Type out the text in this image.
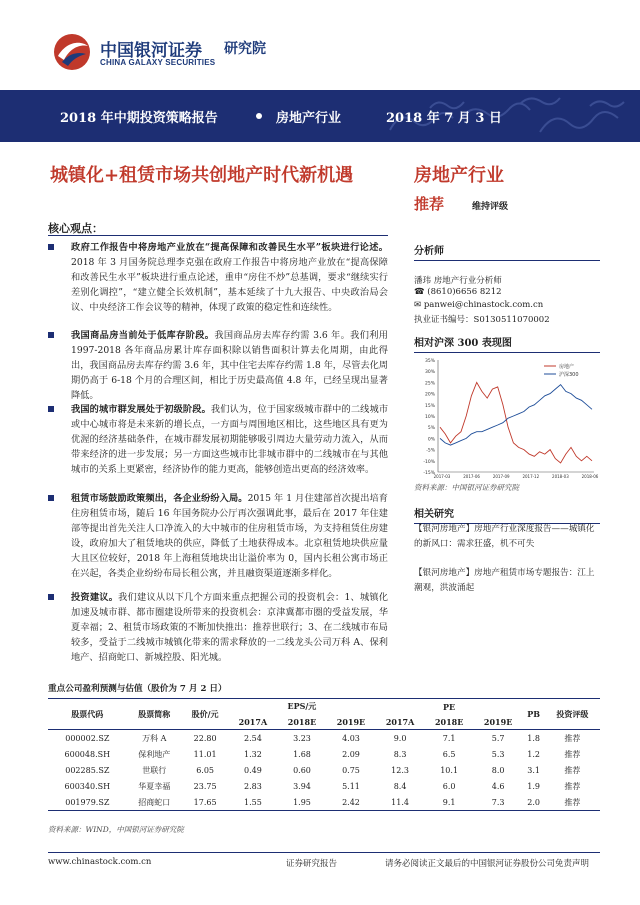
中国银河证券
CHINA GALAXY SECURITIES
研究院
2018 年中期投资策略报告	房地产行业	2018 年 7 月 3 日
城镇化+租赁市场共创地产时代新机遇	房地产行业
推荐	维持评级
核心观点：
政府工作报告中将房地产业放在“提高保障和改善民生水平”板块进行论述。2018 年 3 月国务院总理李克强在政府工作报告中将房地产业放在“提高保障和改善民生水平”板块进行重点论述，重申“房住不炒”总基调，要求“继续实行差别化调控”，“建立健全长效机制”，基本延续了十九大报告、中央政治局会议、中央经济工作会议等的精神，体现了政策的稳定性和连续性。
我国商品房当前处于低库存阶段。我国商品房去库存约需 3.6 年。我们利用 1997-2018 各年商品房累计库存面积除以销售面积计算去化周期，由此得出，我国商品房去库存约需 3.6 年，其中住宅去库存约需 1.8 年，尽管去化周期仍高于 6-18 个月的合理区间，相比于历史最高值 4.8 年，已经呈现出显著降低。
我国的城市群发展处于初级阶段。我们认为，位于国家级城市群中的二线城市或中心城市将是未来新的增长点，一方面与周围地区相比，这些地区具有更为优渥的经济基础条件，在城市群发展初期能够吸引周边大量劳动力流入，从而带来经济的进一步发展；另一方面这些城市比非城市群中的二线城市在与其他城市的关系上更紧密，经济协作的能力更高，能够创造出更高的经济效率。
租赁市场鼓励政策频出，各企业纷纷入局。2015 年 1 月住建部首次提出培育住房租赁市场，随后 16 年国务院办公厅再次强调此事，最后在 2017 年住建部等提出首先关注人口净流入的大中城市的住房租赁市场，为支持租赁住房建设，政府加大了租赁地块的供应，降低了土地获得成本。北京租赁地块供应量大且区位较好，2018 年上海租赁地块出让溢价率为 0，国内长租公寓市场正在兴起，各类企业纷纷布局长租公寓，并且融资渠道逐渐多样化。
投资建议。我们建议从以下几个方面来重点把握公司的投资机会：1、城镇化加速及城市群、都市圈建设所带来的投资机会：京津冀都市圈的受益发展，华夏幸福；2、租赁市场政策的不断加快推出：推荐世联行；3、在二线城市布局较多，受益于二线城市城镇化带来的需求释放的一二线龙头公司万科 A、保利地产、招商蛇口、新城控股、阳光城。
分析师
潘玮 房地产行业分析师
☎ (8610)6656 8212
✉ panwei@chinastock.com.cn
执业证书编号：S0130511070002
相对沪深 300 表现图
35%
30%
25%
20%
15%
10%
5%
0%
-5%
-10%
-15%
2017-03	2017-06	2017-09	2017-12	2018-03	2018-06
房地产
沪深300
资料来源：中国银河证券研究院
相关研究
【银河房地产】房地产行业深度报告——城镇化的新风口：需求狂盛，机不可失
【银河房地产】房地产租赁市场专题报告：江上潮观，洪波涌起
重点公司盈利预测与估值（股价为 7 月 2 日）
股票代码	股票简称	股价/元	EPS/元			PE			PB	投资评级
			2017A	2018E	2019E	2017A	2018E	2019E		
000002.SZ	万科 A	22.80	2.54	3.23	4.03	9.0	7.1	5.7	1.8	推荐
600048.SH	保利地产	11.01	1.32	1.68	2.09	8.3	6.5	5.3	1.2	推荐
002285.SZ	世联行	6.05	0.49	0.60	0.75	12.3	10.1	8.0	3.1	推荐
600340.SH	华夏幸福	23.75	2.83	3.94	5.11	8.4	6.0	4.6	1.9	推荐
001979.SZ	招商蛇口	17.65	1.55	1.95	2.42	11.4	9.1	7.3	2.0	推荐
资料来源：WIND，中国银河证券研究院
www.chinastock.com.cn	证券研究报告	请务必阅读正文最后的中国银河证券股份公司免责声明
